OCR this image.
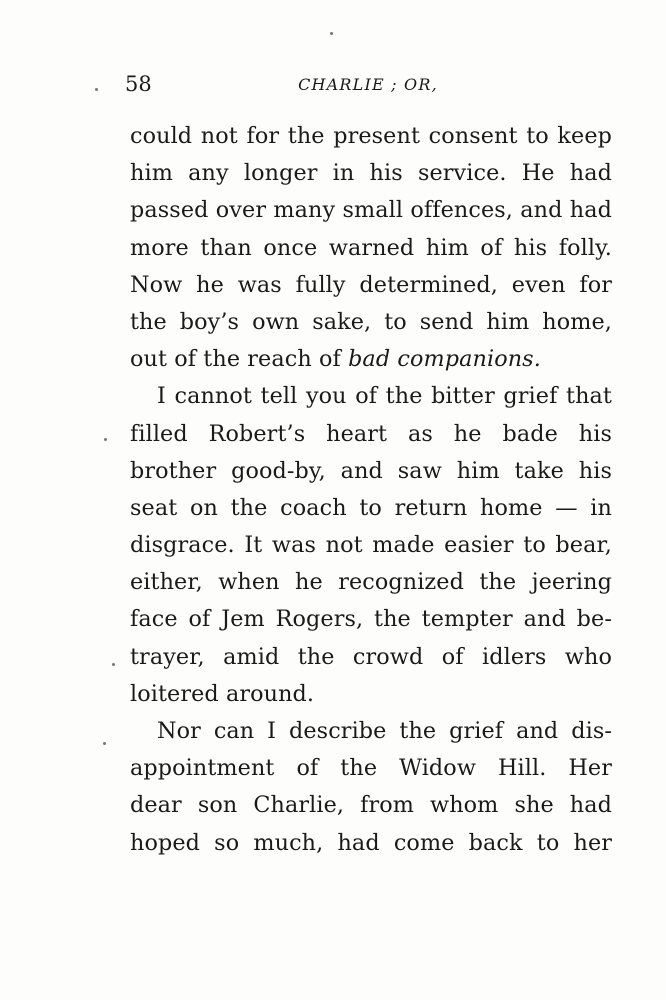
58	CHARLIE ; OR,
could not for the present consent to keep
him any longer in his service. He had
passed over many small offences, and had
more than once warned him of his folly.
Now he was fully determined, even for
the boy’s own sake, to send him home,
out of the reach of bad companions.
I cannot tell you of the bitter grief that
filled Robert’s heart as he bade his
brother good-by, and saw him take his
seat on the coach to return home — in
disgrace. It was not made easier to bear,
either, when he recognized the jeering
face of Jem Rogers, the tempter and be-
trayer, amid the crowd of idlers who
loitered around.
Nor can I describe the grief and dis-
appointment of the Widow Hill. Her
dear son Charlie, from whom she had
hoped so much, had come back to her
